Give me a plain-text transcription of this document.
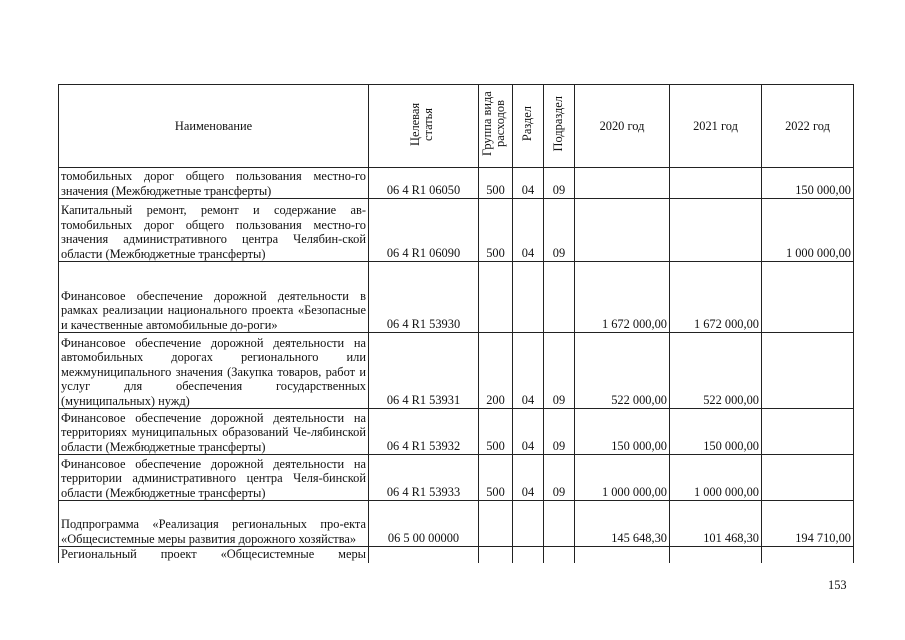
Наименование	Целевая статья	Группа вида расходов	Раздел	Подраздел	2020 год	2021 год	2022 год
томобильных дорог общего пользования местно-го значения (Межбюджетные трансферты)	06 4 R1 06050	500	04	09			150 000,00
Капитальный ремонт, ремонт и содержание ав-томобильных дорог общего пользования местно-го значения административного центра Челябин-ской области (Межбюджетные трансферты)	06 4 R1 06090	500	04	09			1 000 000,00
Финансовое обеспечение дорожной деятельности в рамках реализации национального проекта «Безопасные и качественные автомобильные до-роги»	06 4 R1 53930				1 672 000,00	1 672 000,00	
Финансовое обеспечение дорожной деятельности на автомобильных дорогах регионального или межмуниципального значения (Закупка товаров, работ и услуг для обеспечения государственных (муниципальных) нужд)	06 4 R1 53931	200	04	09	522 000,00	522 000,00	
Финансовое обеспечение дорожной деятельности на территориях муниципальных образований Че-лябинской области (Межбюджетные трансферты)	06 4 R1 53932	500	04	09	150 000,00	150 000,00	
Финансовое обеспечение дорожной деятельности на территории административного центра Челя-бинской области (Межбюджетные трансферты)	06 4 R1 53933	500	04	09	1 000 000,00	1 000 000,00	
Подпрограмма «Реализация региональных про-екта «Общесистемные меры развития дорожного хозяйства»	06 5 00 00000				145 648,30	101 468,30	194 710,00
Региональный проект «Общесистемные меры							
153
